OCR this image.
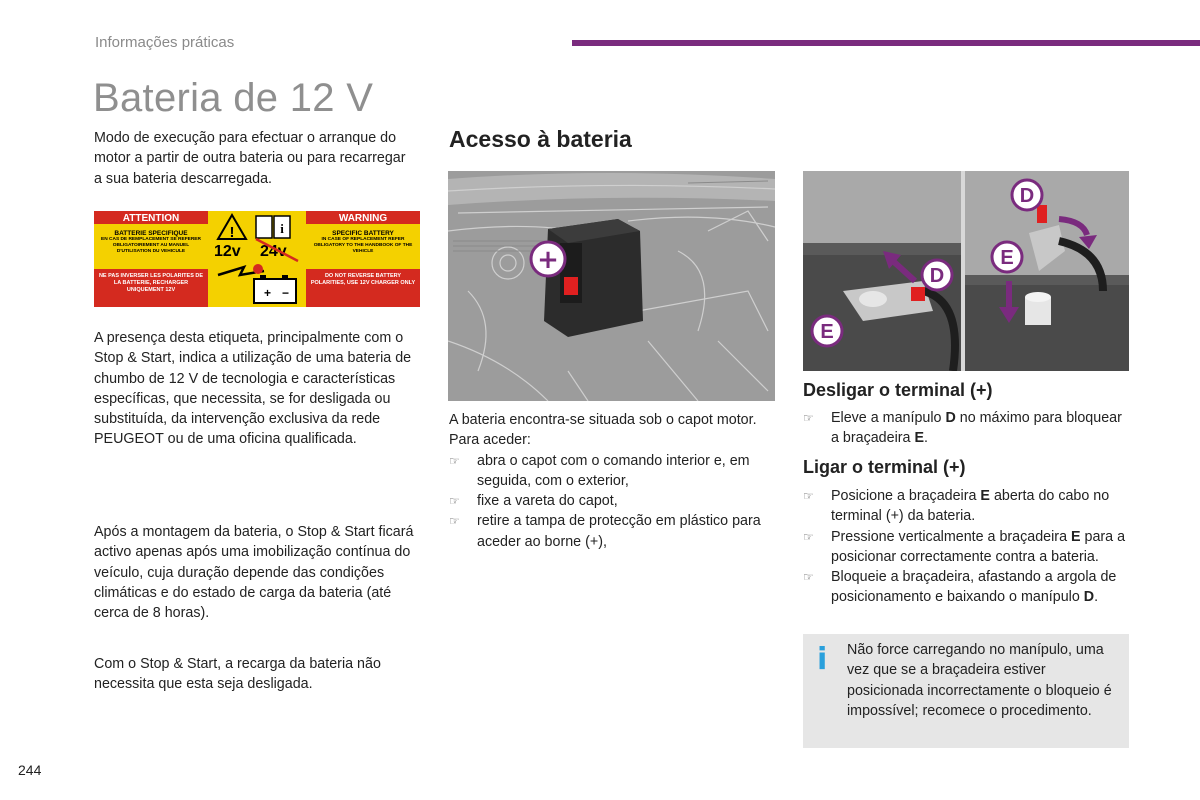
Informações práticas
Bateria de 12 V
Modo de execução para efectuar o arranque do motor a partir de outra bateria ou para recarregar a sua bateria descarregada.
ATTENTION	WARNING
BATTERIE SPECIFIQUE
EN CAS DE REMPLACEMENT SE REFERER OBLIGATOIREMENT AU MANUEL D'UTILISATION DU VEHICULE
NE PAS INVERSER LES POLARITES DE LA BATTERIE, RECHARGER UNIQUEMENT 12V
SPECIFIC BATTERY
IN CASE OF REPLACEMENT REFER OBLIGATORY TO THE HANDBOOK OF THE VEHICLE
DO NOT REVERSE BATTERY POLARITIES, USE 12V CHARGER ONLY
!	i
12v 24v
+ −
A presença desta etiqueta, principalmente com o Stop & Start, indica a utilização de uma bateria de chumbo de 12 V de tecnologia e características específicas, que necessita, se for desligada ou substituída, da intervenção exclusiva da rede PEUGEOT ou de uma oficina qualificada.
Após a montagem da bateria, o Stop & Start ficará activo apenas após uma imobilização contínua do veículo, cuja duração depende das condições climáticas e do estado de carga da bateria (até cerca de 8 horas).
Com o Stop & Start, a recarga da bateria não necessita que esta seja desligada.
Acesso à bateria
+
A bateria encontra-se situada sob o capot motor.
Para aceder:
☞ abra o capot com o comando interior e, em seguida, com o exterior,
☞ fixe a vareta do capot,
☞ retire a tampa de protecção em plástico para aceder ao borne (+),
D
E
D
E
Desligar o terminal (+)
☞ Eleve a manípulo D no máximo para bloquear a braçadeira E.
Ligar o terminal (+)
☞ Posicione a braçadeira E aberta do cabo no terminal (+) da bateria.
☞ Pressione verticalmente a braçadeira E para a posicionar correctamente contra a bateria.
☞ Bloqueie a braçadeira, afastando a argola de posicionamento e baixando o manípulo D.
i Não force carregando no manípulo, uma vez que se a braçadeira estiver posicionada incorrectamente o bloqueio é impossível; recomece o procedimento.
244
